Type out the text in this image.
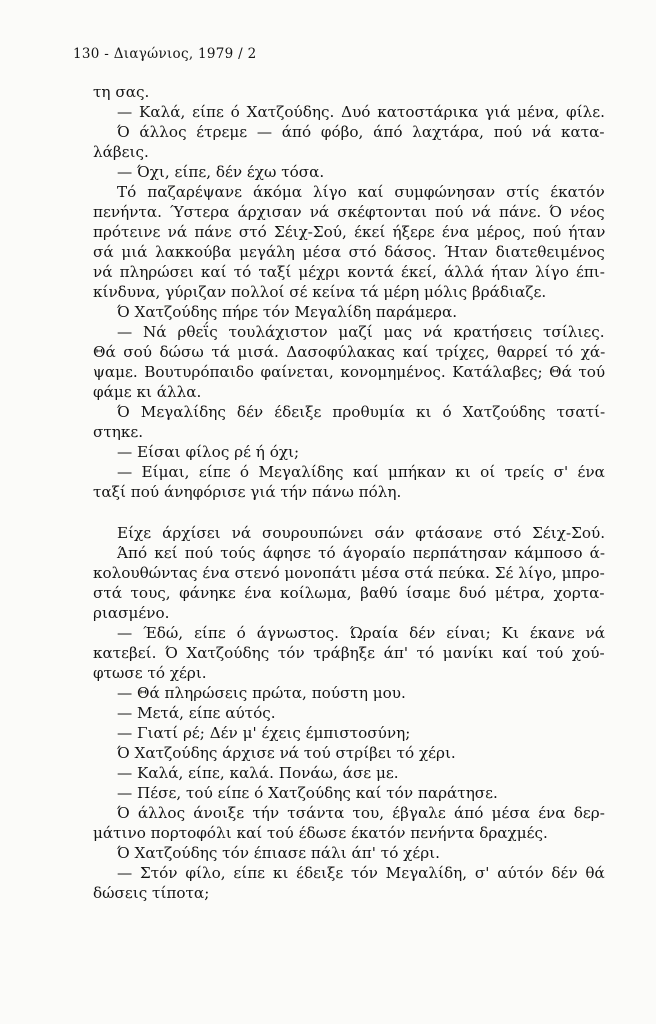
130 - Διαγώνιος, 1979 / 2
τη σας.
— Καλά, είπε ό Χατζούδης. Δυό κατοστάρικα γιά μένα, φίλε.
Ό άλλος έτρεμε — άπό φόβο, άπό λαχτάρα, πού νά κατα-
λάβεις.
— Όχι, είπε, δέν έχω τόσα.
Τό παζαρέψανε άκόμα λίγο καί συμφώνησαν στίς έκατόν
πενήντα. Ύστερα άρχισαν νά σκέφτονται πού νά πάνε. Ό νέος
πρότεινε νά πάνε στό Σέιχ-Σού, έκεί ήξερε ένα μέρος, πού ήταν
σά μιά λακκούβα μεγάλη μέσα στό δάσος. Ήταν διατεθειμένος
νά πληρώσει καί τό ταξί μέχρι κοντά έκεί, άλλά ήταν λίγο έπι-
κίνδυνα, γύριζαν πολλοί σέ κείνα τά μέρη μόλις βράδιαζε.
Ό Χατζούδης πήρε τόν Μεγαλίδη παράμερα.
— Νά ρθεΐς τουλάχιστον μαζί μας νά κρατήσεις τσίλιες.
Θά σού δώσω τά μισά. Δασοφύλακας καί τρίχες, θαρρεί τό χά-
ψαμε. Βουτυρόπαιδο φαίνεται, κονομημένος. Κατάλαβες; Θά τού
φάμε κι άλλα.
Ό Μεγαλίδης δέν έδειξε προθυμία κι ό Χατζούδης τσατί-
στηκε.
— Είσαι φίλος ρέ ή όχι;
— Είμαι, είπε ό Μεγαλίδης καί μπήκαν κι οί τρείς σ' ένα
ταξί πού άνηφόρισε γιά τήν πάνω πόλη.
Είχε άρχίσει νά σουρουπώνει σάν φτάσανε στό Σέιχ-Σού.
Άπό κεί πού τούς άφησε τό άγοραίο περπάτησαν κάμποσο ά-
κολουθώντας ένα στενό μονοπάτι μέσα στά πεύκα. Σέ λίγο, μπρο-
στά τους, φάνηκε ένα κοίλωμα, βαθύ ίσαμε δυό μέτρα, χορτα-
ριασμένο.
— Έδώ, είπε ό άγνωστος. Ώραία δέν είναι; Κι έκανε νά
κατεβεί. Ό Χατζούδης τόν τράβηξε άπ' τό μανίκι καί τού χού-
φτωσε τό χέρι.
— Θά πληρώσεις πρώτα, πούστη μου.
— Μετά, είπε αύτός.
— Γιατί ρέ; Δέν μ' έχεις έμπιστοσύνη;
Ό Χατζούδης άρχισε νά τού στρίβει τό χέρι.
— Καλά, είπε, καλά. Πονάω, άσε με.
— Πέσε, τού είπε ό Χατζούδης καί τόν παράτησε.
Ό άλλος άνοιξε τήν τσάντα του, έβγαλε άπό μέσα ένα δερ-
μάτινο πορτοφόλι καί τού έδωσε έκατόν πενήντα δραχμές.
Ό Χατζούδης τόν έπιασε πάλι άπ' τό χέρι.
— Στόν φίλο, είπε κι έδειξε τόν Μεγαλίδη, σ' αύτόν δέν θά
δώσεις τίποτα;
